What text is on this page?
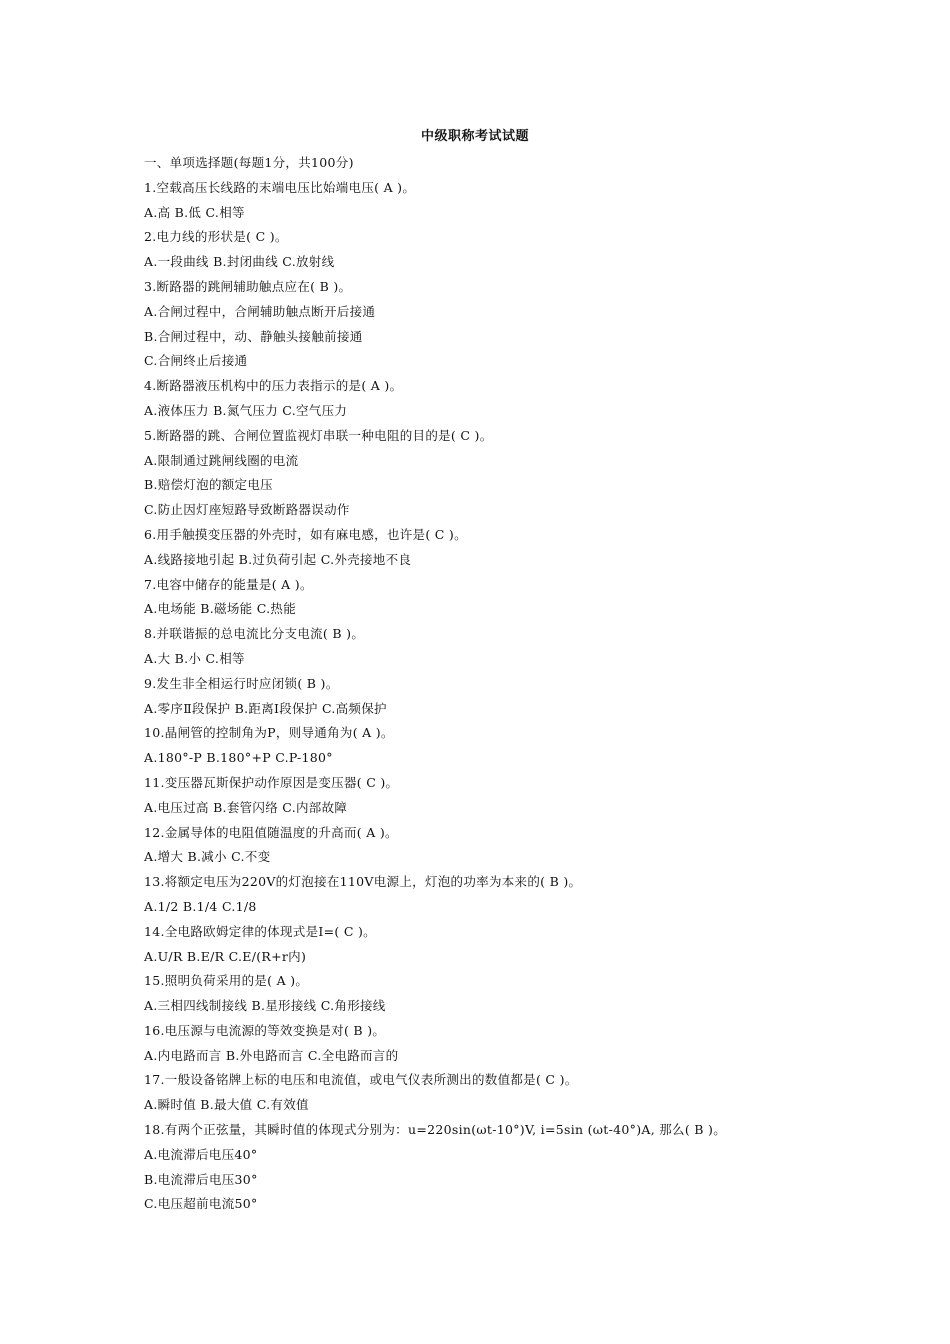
中级职称考试试题
一、单项选择题(每题1分，共100分)
1.空载高压长线路的末端电压比始端电压( A )。
A.高 B.低 C.相等
2.电力线的形状是( C )。
A.一段曲线 B.封闭曲线 C.放射线
3.断路器的跳闸辅助触点应在( B )。
A.合闸过程中，合闸辅助触点断开后接通
B.合闸过程中，动、静触头接触前接通
C.合闸终止后接通
4.断路器液压机构中的压力表指示的是( A )。
A.液体压力 B.氮气压力 C.空气压力
5.断路器的跳、合闸位置监视灯串联一种电阻的目的是( C )。
A.限制通过跳闸线圈的电流
B.赔偿灯泡的额定电压
C.防止因灯座短路导致断路器误动作
6.用手触摸变压器的外壳时，如有麻电感，也许是( C )。
A.线路接地引起 B.过负荷引起 C.外壳接地不良
7.电容中储存的能量是( A )。
A.电场能 B.磁场能 C.热能
8.并联谐振的总电流比分支电流( B )。
A.大 B.小 C.相等
9.发生非全相运行时应闭锁( B )。
A.零序Ⅱ段保护 B.距离Ⅰ段保护 C.高频保护
10.晶闸管的控制角为P，则导通角为( A )。
A.180°-P B.180°+P C.P-180°
11.变压器瓦斯保护动作原因是变压器( C )。
A.电压过高 B.套管闪络 C.内部故障
12.金属导体的电阻值随温度的升高而( A )。
A.增大 B.减小 C.不变
13.将额定电压为220V的灯泡接在110V电源上，灯泡的功率为本来的( B )。
A.1/2 B.1/4 C.1/8
14.全电路欧姆定律的体现式是I=( C )。
A.U/R B.E/R C.E/(R+r内)
15.照明负荷采用的是( A )。
A.三相四线制接线 B.星形接线 C.角形接线
16.电压源与电流源的等效变换是对( B )。
A.内电路而言 B.外电路而言 C.全电路而言的
17.一般设备铭牌上标的电压和电流值，或电气仪表所测出的数值都是( C )。
A.瞬时值 B.最大值 C.有效值
18.有两个正弦量，其瞬时值的体现式分别为：u=220sin(ωt-10°)V, i=5sin (ωt-40°)A, 那么( B )。
A.电流滞后电压40°
B.电流滞后电压30°
C.电压超前电流50°
